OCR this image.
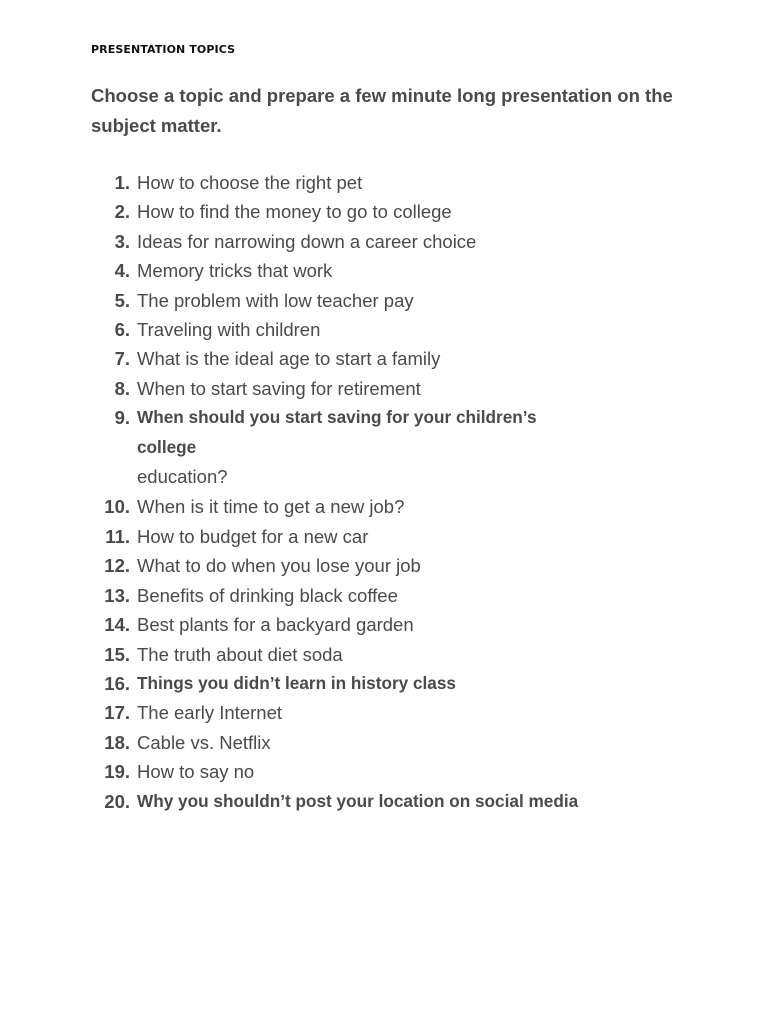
PRESENTATION TOPICS
Choose a topic and prepare a few minute long presentation on the subject matter.
1. How to choose the right pet
2. How to find the money to go to college
3. Ideas for narrowing down a career choice
4. Memory tricks that work
5. The problem with low teacher pay
6. Traveling with children
7. What is the ideal age to start a family
8. When to start saving for retirement
9. When should you start saving for your children’s college
education?
10. When is it time to get a new job?
11. How to budget for a new car
12. What to do when you lose your job
13. Benefits of drinking black coffee
14. Best plants for a backyard garden
15. The truth about diet soda
16. Things you didn’t learn in history class
17. The early Internet
18. Cable vs. Netflix
19. How to say no
20. Why you shouldn’t post your location on social media
